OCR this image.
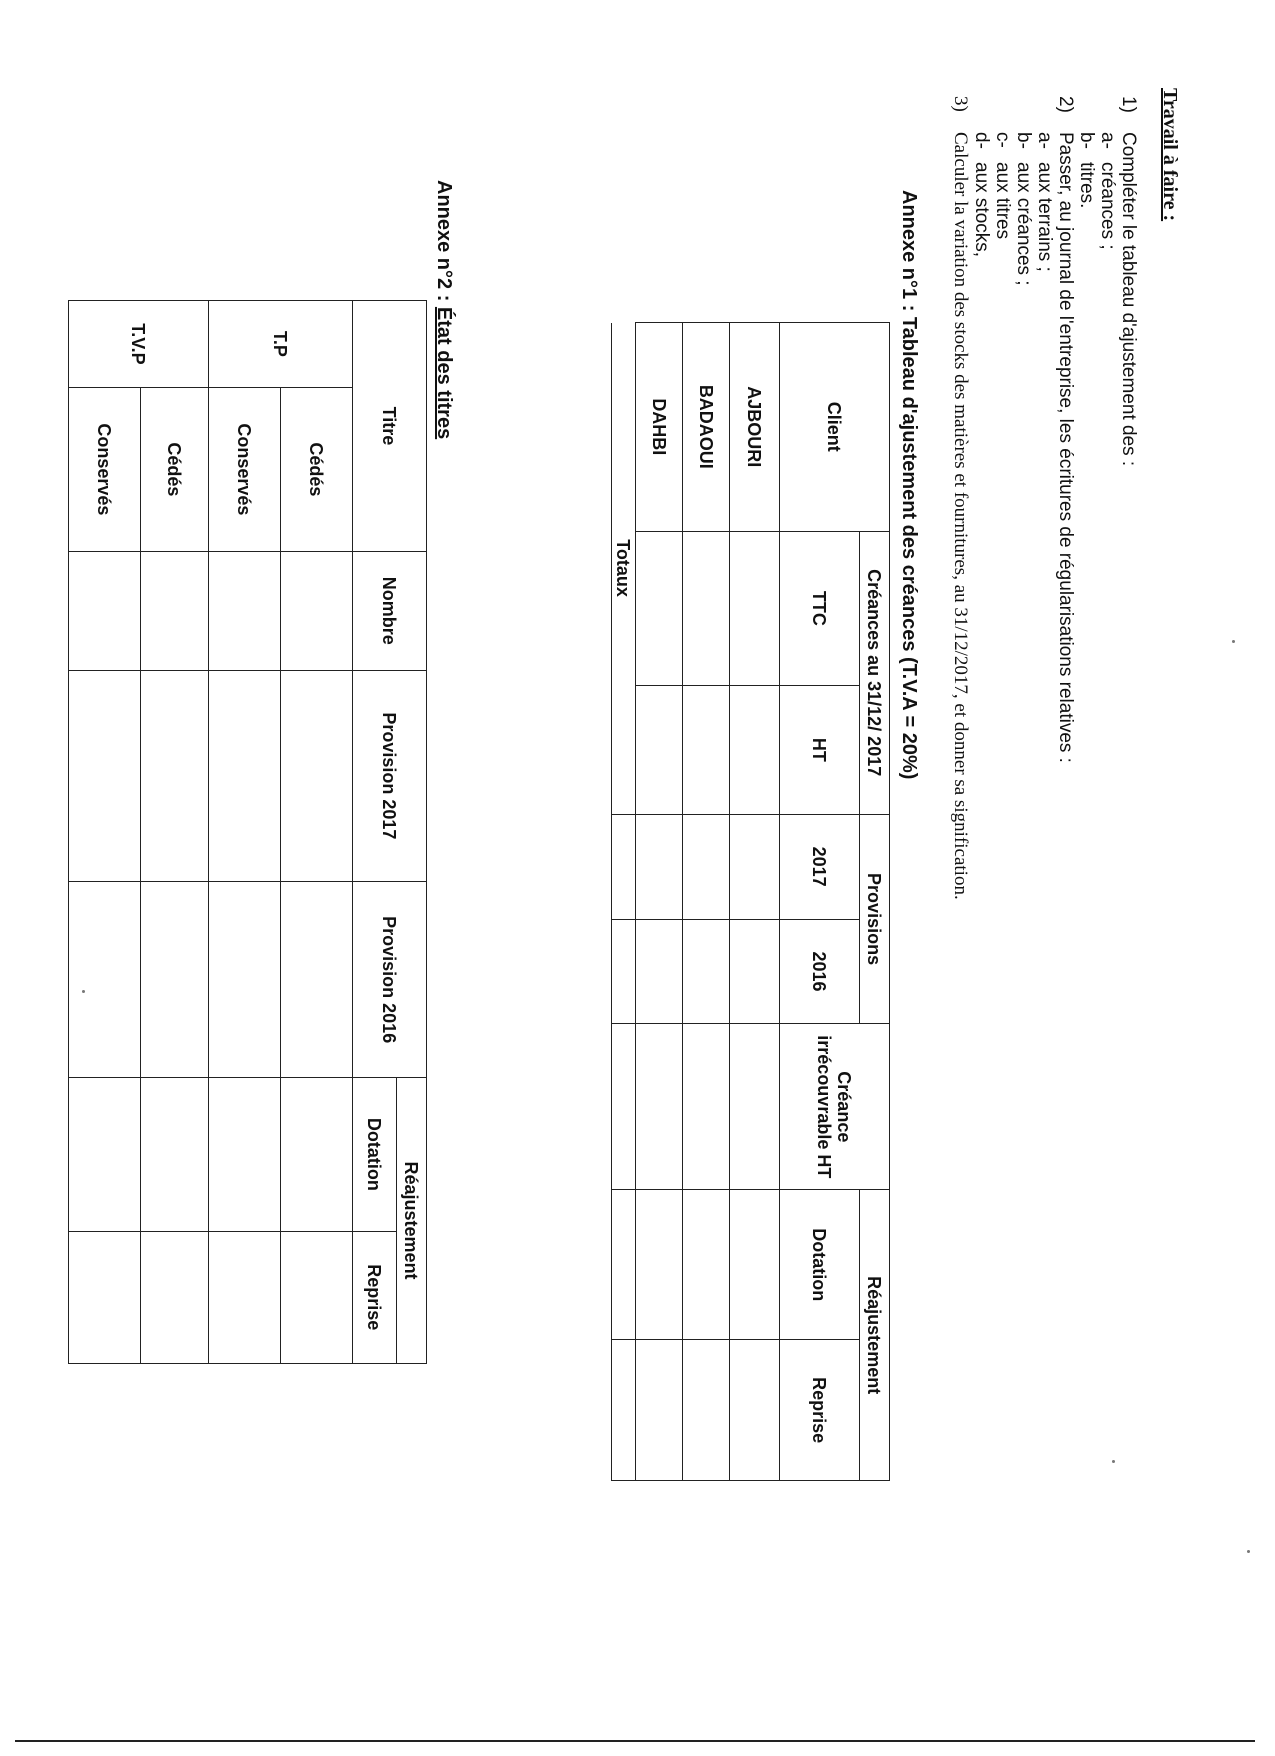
Travail à faire :
1)
Compléter le tableau d'ajustement des :
a-
créances ;
b-
titres.
2)
Passer, au journal de l'entreprise, les écritures de régularisations relatives :
a-
aux terrains ;
b-
aux créances ;
c-
aux titres
d-
aux stocks,
3)
Calculer la variation des stocks des matières et fournitures, au 31/12/2017, et donner sa signification.
Annexe n°1 : Tableau d'ajustement des créances (T.V.A = 20%)
Client	Créances au 31/12/ 2017		Provisions		Créance irrécouvrable HT	Réajustement		
	TTC	HT	2017	2016		Dotation	Reprise	

AJBOURI								
BADAOUI								
DAHBI								
Totaux								
Annexe n°2 : État des titres
Titre		Nombre	Provision 2017	Provision 2016	Réajustement		
					Dotation	Reprise	
T.P	Cédés						
	Conservés						
T.V.P	Cédés						
	Conservés						
